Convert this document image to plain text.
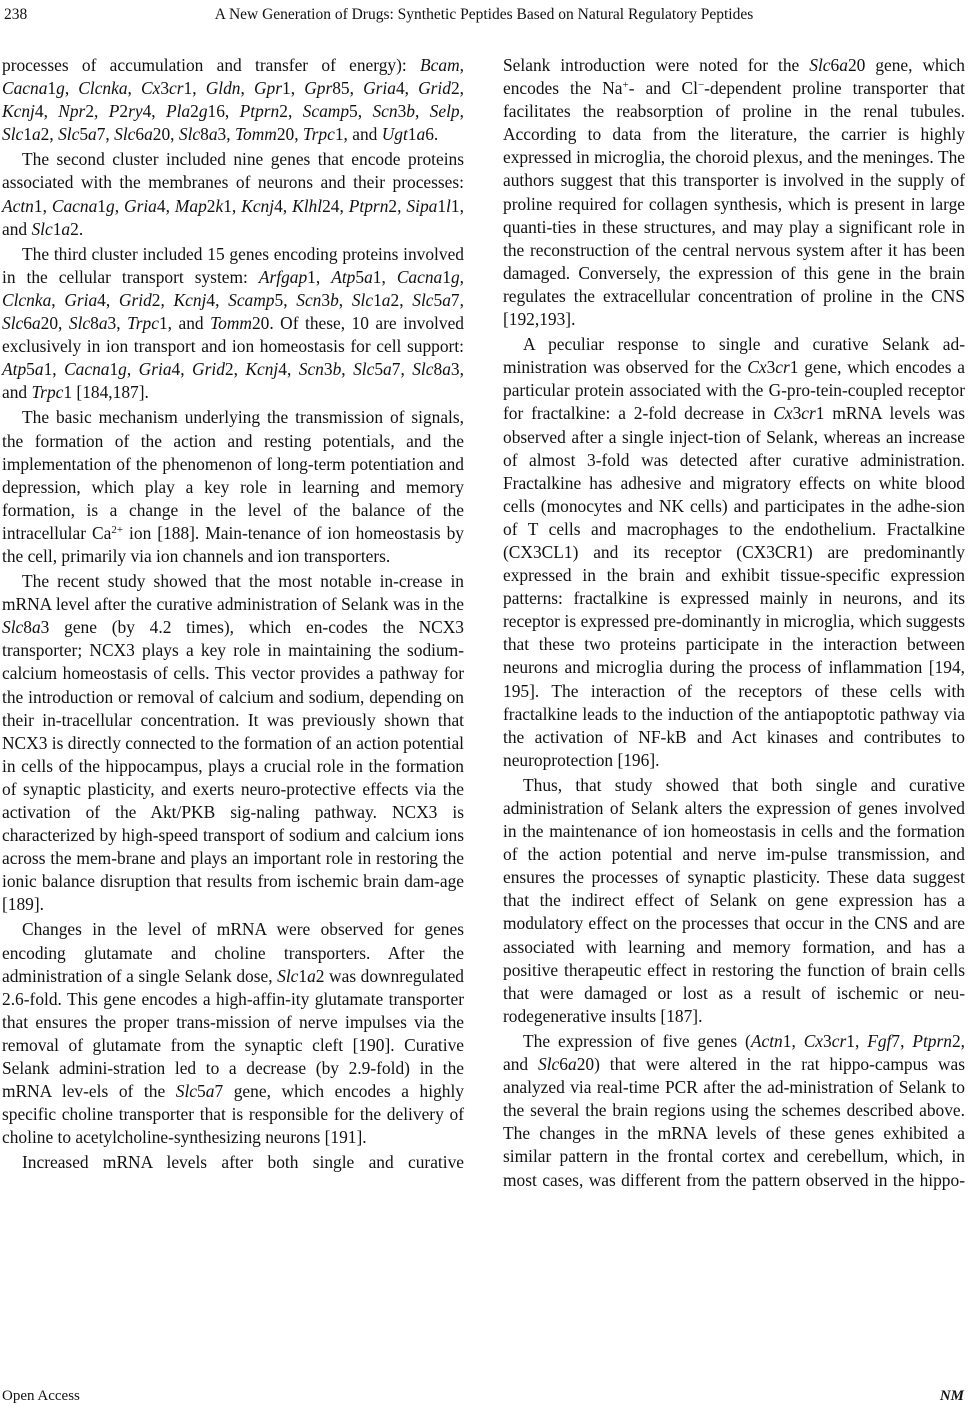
238	A New Generation of Drugs: Synthetic Peptides Based on Natural Regulatory Peptides

processes of accumulation and transfer of energy): Bcam, Cacna1g, Clcnka, Cx3cr1, Gldn, Gpr1, Gpr85, Gria4, Grid2, Kcnj4, Npr2, P2ry4, Pla2g16, Ptprn2, Scamp5, Scn3b, Selp, Slc1a2, Slc5a7, Slc6a20, Slc8a3, Tomm20, Trpc1, and Ugt1a6.

The second cluster included nine genes that encode proteins associated with the membranes of neurons and their processes: Actn1, Cacna1g, Gria4, Map2k1, Kcnj4, Klhl24, Ptprn2, Sipa1l1, and Slc1a2.

The third cluster included 15 genes encoding proteins involved in the cellular transport system: Arfgap1, Atp5a1, Cacna1g, Clcnka, Gria4, Grid2, Kcnj4, Scamp5, Scn3b, Slc1a2, Slc5a7, Slc6a20, Slc8a3, Trpc1, and Tomm20. Of these, 10 are involved exclusively in ion transport and ion homeostasis for cell support: Atp5a1, Cacna1g, Gria4, Grid2, Kcnj4, Scn3b, Slc5a7, Slc8a3, and Trpc1 [184,187].

The basic mechanism underlying the transmission of signals, the formation of the action and resting potentials, and the implementation of the phenomenon of long-term potentiation and depression, which play a key role in learning and memory formation, is a change in the level of the balance of the intracellular $Ca^{2+}$ ion [188]. Main-tenance of ion homeostasis by the cell, primarily via ion channels and ion transporters.

The recent study showed that the most notable in-crease in mRNA level after the curative administration of Selank was in the Slc8a3 gene (by 4.2 times), which en-codes the NCX3 transporter; NCX3 plays a key role in maintaining the sodium-calcium homeostasis of cells. This vector provides a pathway for the introduction or removal of calcium and sodium, depending on their in-tracellular concentration. It was previously shown that NCX3 is directly connected to the formation of an action potential in cells of the hippocampus, plays a crucial role in the formation of synaptic plasticity, and exerts neuro-protective effects via the activation of the Akt/PKB sig-naling pathway. NCX3 is characterized by high-speed transport of sodium and calcium ions across the mem-brane and plays an important role in restoring the ionic balance disruption that results from ischemic brain dam-age [189].

Changes in the level of mRNA were observed for genes encoding glutamate and choline transporters. After the administration of a single Selank dose, Slc1a2 was downregulated 2.6-fold. This gene encodes a high-affin-ity glutamate transporter that ensures the proper trans-mission of nerve impulses via the removal of glutamate from the synaptic cleft [190]. Curative Selank admini-stration led to a decrease (by 2.9-fold) in the mRNA lev-els of the Slc5a7 gene, which encodes a highly specific choline transporter that is responsible for the delivery of choline to acetylcholine-synthesizing neurons [191].

Increased mRNA levels after both single and curative

Selank introduction were noted for the Slc6a20 gene, which encodes the Na+- and Cl−-dependent proline transporter that facilitates the reabsorption of proline in the renal tubules. According to data from the literature, the carrier is highly expressed in microglia, the choroid plexus, and the meninges. The authors suggest that this transporter is involved in the supply of proline required for collagen synthesis, which is present in large quanti-ties in these structures, and may play a significant role in the reconstruction of the central nervous system after it has been damaged. Conversely, the expression of this gene in the brain regulates the extracellular concentration of proline in the CNS [192,193].

A peculiar response to single and curative Selank ad-ministration was observed for the Cx3cr1 gene, which encodes a particular protein associated with the G-pro-tein-coupled receptor for fractalkine: a 2-fold decrease in Cx3cr1 mRNA levels was observed after a single inject-tion of Selank, whereas an increase of almost 3-fold was detected after curative administration. Fractalkine has adhesive and migratory effects on white blood cells (monocytes and NK cells) and participates in the adhe-sion of T cells and macrophages to the endothelium. Fractalkine (CX3CL1) and its receptor (CX3CR1) are predominantly expressed in the brain and exhibit tissue-specific expression patterns: fractalkine is expressed mainly in neurons, and its receptor is expressed pre-dominantly in microglia, which suggests that these two proteins participate in the interaction between neurons and microglia during the process of inflammation [194, 195]. The interaction of the receptors of these cells with fractalkine leads to the induction of the antiapoptotic pathway via the activation of NF-kB and Act kinases and contributes to neuroprotection [196].

Thus, that study showed that both single and curative administration of Selank alters the expression of genes involved in the maintenance of ion homeostasis in cells and the formation of the action potential and nerve im-pulse transmission, and ensures the processes of synaptic plasticity. These data suggest that the indirect effect of Selank on gene expression has a modulatory effect on the processes that occur in the CNS and are associated with learning and memory formation, and has a positive therapeutic effect in restoring the function of brain cells that were damaged or lost as a result of ischemic or neu-rodegenerative insults [187].

The expression of five genes (Actn1, Cx3cr1, Fgf7, Ptprn2, and Slc6a20) that were altered in the rat hippo-campus was analyzed via real-time PCR after the ad-ministration of Selank to the several the brain regions using the schemes described above. The changes in the mRNA levels of these genes exhibited a similar pattern in the frontal cortex and cerebellum, which, in most cases, was different from the pattern observed in the hippo-

Open Access	NM
